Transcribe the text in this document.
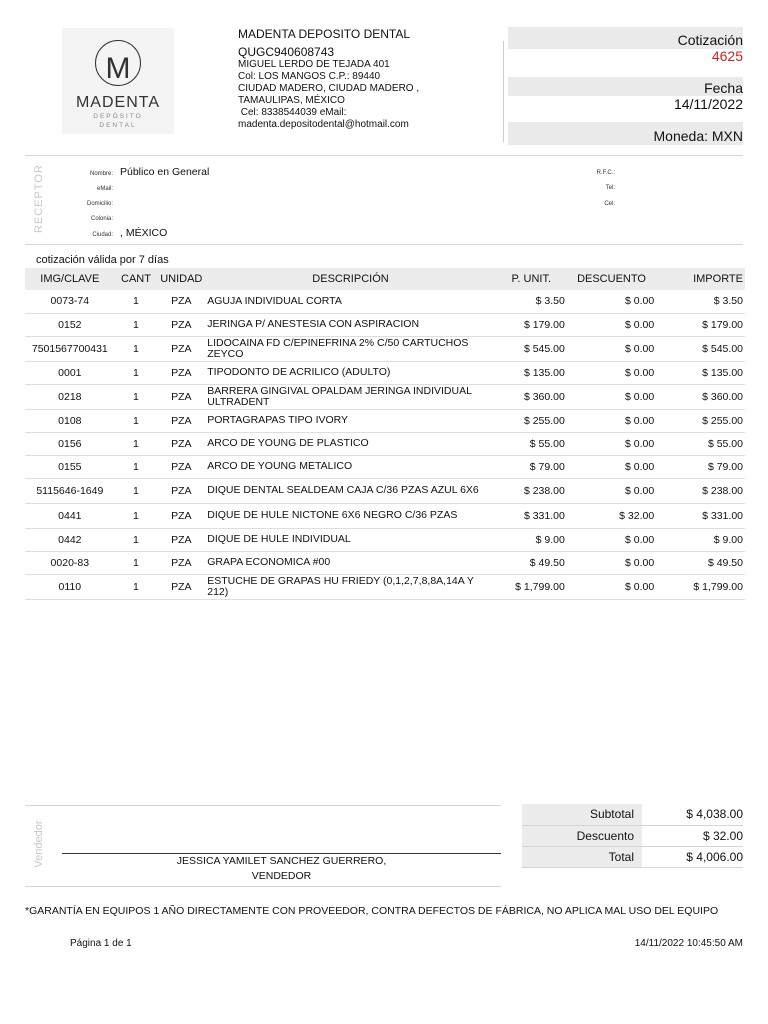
M
MADENTA
DEPÓSITO
DENTAL
MADENTA DEPOSITO DENTAL
QUGC940608743
MIGUEL LERDO DE TEJADA 401
Col: LOS MANGOS C.P.: 89440
CIUDAD MADERO, CIUDAD MADERO ,
TAMAULIPAS, MÉXICO
Cel: 8338544039 eMail:
madenta.depositodental@hotmail.com
Cotización
4625
Fecha
14/11/2022
Moneda: MXN
RECEPTOR	Nombre: Público en General
eMail:
Domicilio:
Colonia:
Ciudad: , MÉXICO
R.F.C.:
Tel:
Cel:
cotización válida por 7 días
IMG/CLAVE	CANT	UNIDAD	DESCRIPCIÓN	P. UNIT.	DESCUENTO	IMPORTE
0073-74	1	PZA	AGUJA INDIVIDUAL CORTA	$ 3.50	$ 0.00	$ 3.50
0152	1	PZA	JERINGA P/ ANESTESIA CON ASPIRACION	$ 179.00	$ 0.00	$ 179.00
7501567700431	1	PZA	LIDOCAINA FD C/EPINEFRINA 2% C/50 CARTUCHOS ZEYCO	$ 545.00	$ 0.00	$ 545.00
0001	1	PZA	TIPODONTO DE ACRILICO (ADULTO)	$ 135.00	$ 0.00	$ 135.00
0218	1	PZA	BARRERA GINGIVAL OPALDAM JERINGA INDIVIDUAL ULTRADENT	$ 360.00	$ 0.00	$ 360.00
0108	1	PZA	PORTAGRAPAS TIPO IVORY	$ 255.00	$ 0.00	$ 255.00
0156	1	PZA	ARCO DE YOUNG DE PLASTICO	$ 55.00	$ 0.00	$ 55.00
0155	1	PZA	ARCO DE YOUNG METALICO	$ 79.00	$ 0.00	$ 79.00
5115646-1649	1	PZA	DIQUE DENTAL SEALDEAM CAJA C/36 PZAS AZUL 6X6	$ 238.00	$ 0.00	$ 238.00
0441	1	PZA	DIQUE DE HULE NICTONE 6X6 NEGRO C/36 PZAS	$ 331.00	$ 32.00	$ 331.00
0442	1	PZA	DIQUE DE HULE INDIVIDUAL	$ 9.00	$ 0.00	$ 9.00
0020-83	1	PZA	GRAPA ECONOMICA #00	$ 49.50	$ 0.00	$ 49.50
0110	1	PZA	ESTUCHE DE GRAPAS HU FRIEDY (0,1,2,7,8,8A,14A Y 212)	$ 1,799.00	$ 0.00	$ 1,799.00
Vendedor	JESSICA YAMILET SANCHEZ GUERRERO,
VENDEDOR
Subtotal	$ 4,038.00
Descuento	$ 32.00
Total	$ 4,006.00
*GARANTÍA EN EQUIPOS 1 AÑO DIRECTAMENTE CON PROVEEDOR, CONTRA DEFECTOS DE FÁBRICA, NO APLICA MAL USO DEL EQUIPO
Página 1 de 1	14/11/2022 10:45:50 AM
